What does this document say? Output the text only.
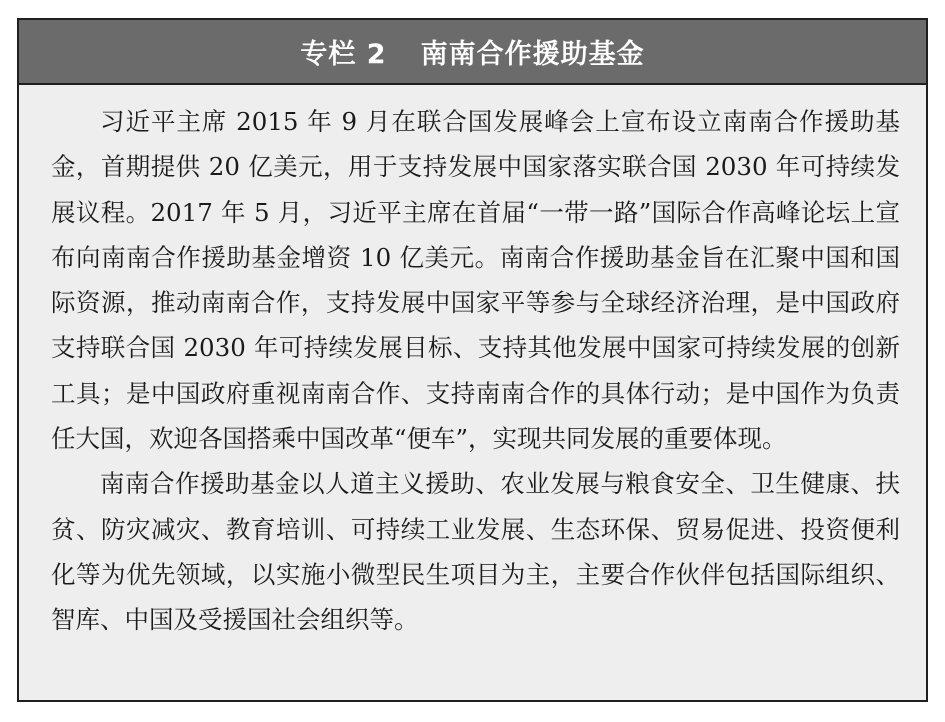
专栏 2 南南合作援助基金

习近平主席 2015 年 9 月在联合国发展峰会上宣布设立南南合作援助基金，首期提供 20 亿美元，用于支持发展中国家落实联合国 2030 年可持续发展议程。2017 年 5 月，习近平主席在首届“一带一路”国际合作高峰论坛上宣布向南南合作援助基金增资 10 亿美元。南南合作援助基金旨在汇聚中国和国际资源，推动南南合作，支持发展中国家平等参与全球经济治理，是中国政府支持联合国 2030 年可持续发展目标、支持其他发展中国家可持续发展的创新工具；是中国政府重视南南合作、支持南南合作的具体行动；是中国作为负责任大国，欢迎各国搭乘中国改革“便车”，实现共同发展的重要体现。

南南合作援助基金以人道主义援助、农业发展与粮食安全、卫生健康、扶贫、防灾减灾、教育培训、可持续工业发展、生态环保、贸易促进、投资便利化等为优先领域，以实施小微型民生项目为主，主要合作伙伴包括国际组织、智库、中国及受援国社会组织等。
